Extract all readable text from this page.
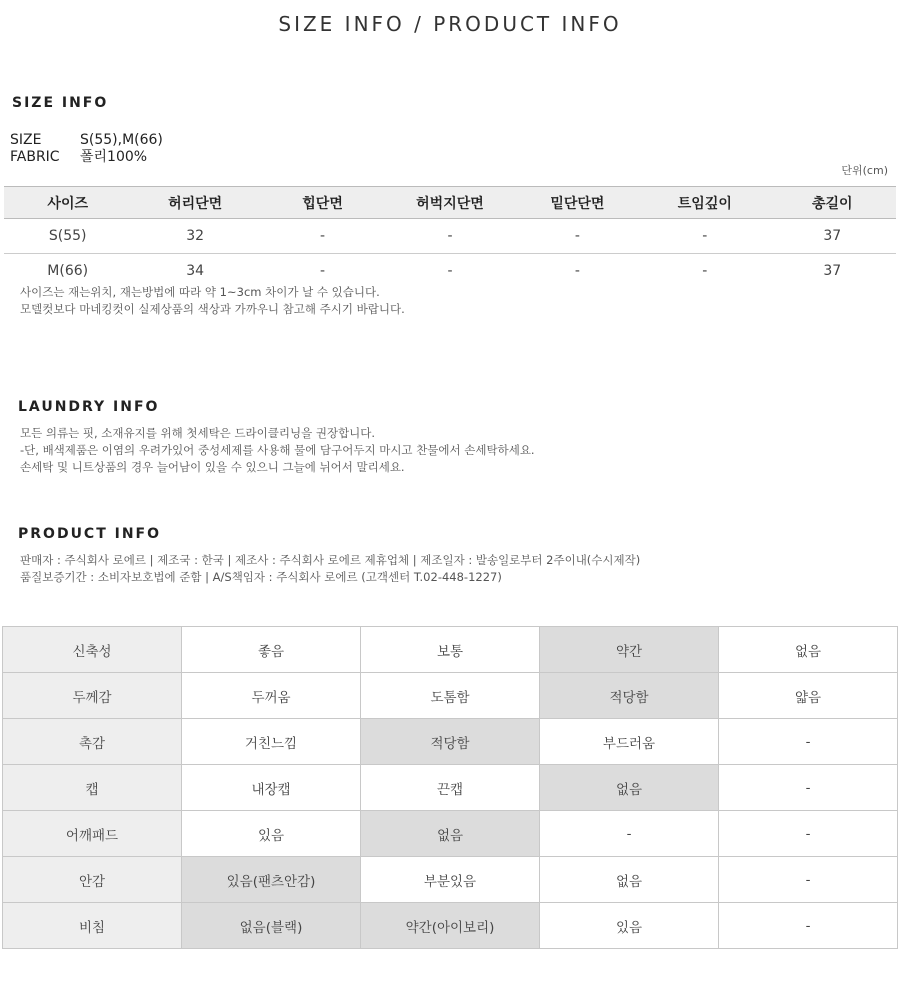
SIZE INFO / PRODUCT INFO
SIZE INFO
SIZE	S(55),M(66)
FABRIC	폴리100%
단위(cm)
사이즈	허리단면	힙단면	허벅지단면	밑단단면	트임깊이	총길이
S(55)	32	-	-	-	-	37
M(66)	34	-	-	-	-	37
사이즈는 재는위치, 재는방법에 따라 약 1~3cm 차이가 날 수 있습니다.
모델컷보다 마네킹컷이 실제상품의 색상과 가까우니 참고해 주시기 바랍니다.
LAUNDRY INFO
모든 의류는 핏, 소재유지를 위해 첫세탁은 드라이클리닝을 권장합니다.
-단, 배색제품은 이염의 우려가있어 중성세제를 사용해 물에 담구어두지 마시고 찬물에서 손세탁하세요.
손세탁 및 니트상품의 경우 늘어남이 있을 수 있으니 그늘에 뉘어서 말리세요.
PRODUCT INFO
판매자 : 주식회사 로에르 | 제조국 : 한국 | 제조사 : 주식회사 로에르 제휴업체 | 제조일자 : 발송일로부터 2주이내(수시제작)
품질보증기간 : 소비자보호법에 준함 | A/S책임자 : 주식회사 로에르 (고객센터 T.02-448-1227)
신축성	좋음	보통	약간	없음
두께감	두꺼움	도톰함	적당함	얇음
촉감	거친느낌	적당함	부드러움	-
캡	내장캡	끈캡	없음	-
어깨패드	있음	없음	-	-
안감	있음(팬츠안감)	부분있음	없음	-
비침	없음(블랙)	약간(아이보리)	있음	-
